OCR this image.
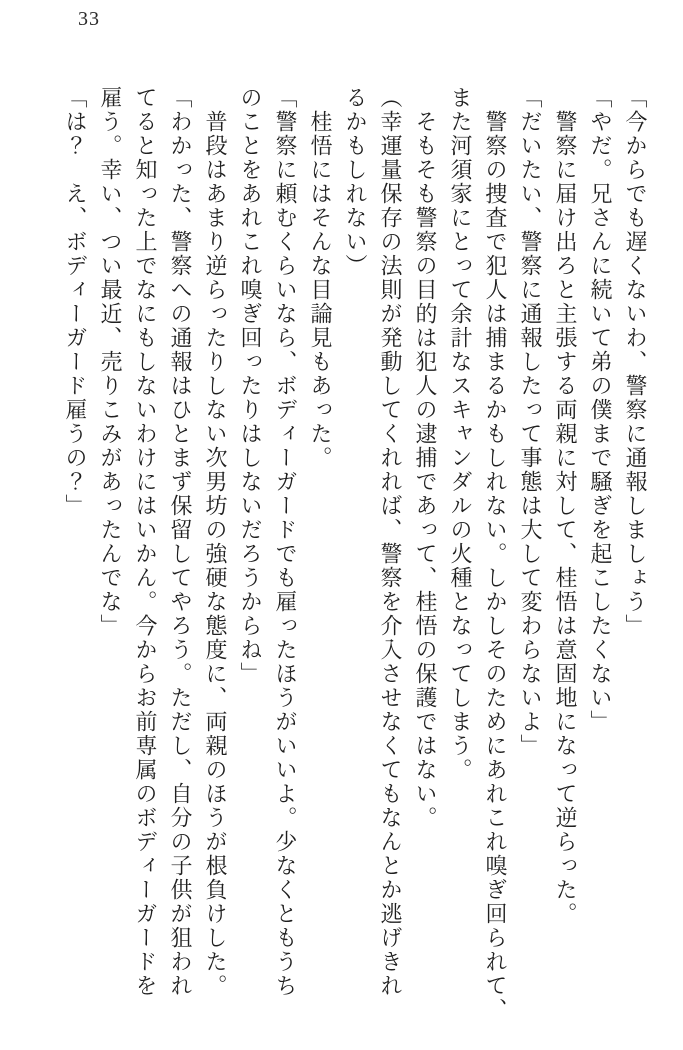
33

「今からでも遅くないわ、警察に通報しましょう」

「やだ。兄さんに続いて弟の僕まで騒ぎを起こしたくない」

警察に届け出ろと主張する両親に対して、桂悟は意固地になって逆らった。

「だいたい、警察に通報したって事態は大して変わらないよ」

警察の捜査で犯人は捕まるかもしれない。しかしそのためにあれこれ嗅ぎ回られて、

また河須家にとって余計なスキャンダルの火種となってしまう。

そもそも警察の目的は犯人の逮捕であって、桂悟の保護ではない。

（幸運量保存の法則が発動してくれれば、警察を介入させなくてもなんとか逃げきれ

るかもしれない）

桂悟にはそんな目論見もあった。

「警察に頼むくらいなら、ボディーガードでも雇ったほうがいいよ。少なくともうち

のことをあれこれ嗅ぎ回ったりはしないだろうからね」

普段はあまり逆らったりしない次男坊の強硬な態度に、両親のほうが根負けした。

「わかった、警察への通報はひとまず保留してやろう。ただし、自分の子供が狙われ

てると知った上でなにもしないわけにはいかん。今からお前専属のボディーガードを

雇う。幸い、つい最近、売りこみがあったんでな」

「は？　え、ボディーガード雇うの？」
